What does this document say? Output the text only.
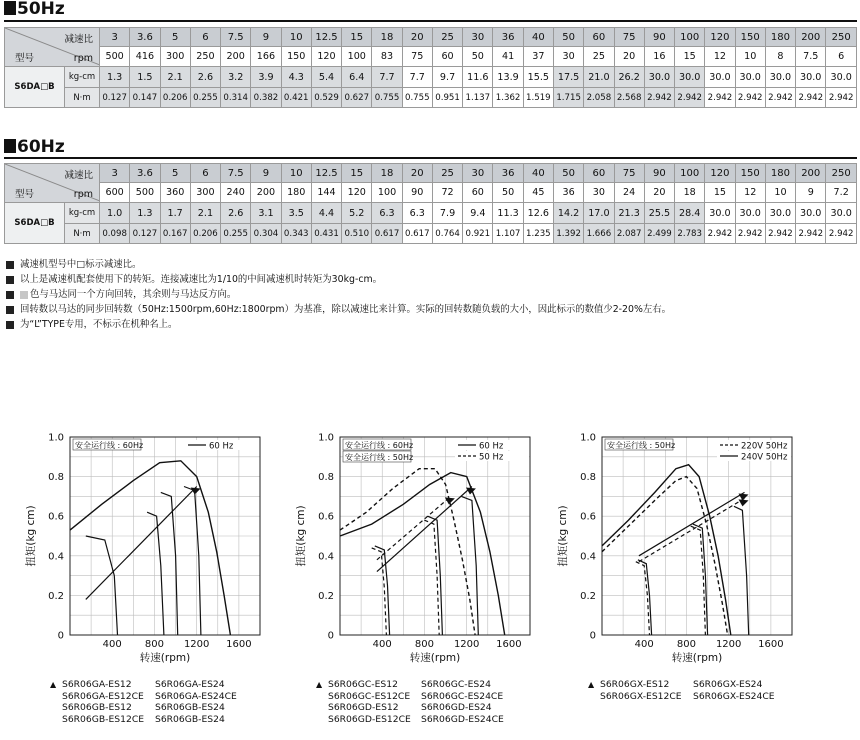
50Hz
减速比
型号 rpm		3	3.6	5	6	7.5	9	10	12.5	15	18	20	25	30	36	40	50	60	75	90	100	120	150	180	200	250
		500	416	300	250	200	166	150	120	100	83	75	60	50	41	37	30	25	20	16	15	12	10	8	7.5	6
S6DA□B	kg-cm	1.3	1.5	2.1	2.6	3.2	3.9	4.3	5.4	6.4	7.7	7.7	9.7	11.6	13.9	15.5	17.5	21.0	26.2	30.0	30.0	30.0	30.0	30.0	30.0	30.0
	N·m	0.127	0.147	0.206	0.255	0.314	0.382	0.421	0.529	0.627	0.755	0.755	0.951	1.137	1.362	1.519	1.715	2.058	2.568	2.942	2.942	2.942	2.942	2.942	2.942	2.942
60Hz
减速比
型号 rpm		3	3.6	5	6	7.5	9	10	12.5	15	18	20	25	30	36	40	50	60	75	90	100	120	150	180	200	250
		600	500	360	300	240	200	180	144	120	100	90	72	60	50	45	36	30	24	20	18	15	12	10	9	7.2
S6DA□B	kg-cm	1.0	1.3	1.7	2.1	2.6	3.1	3.5	4.4	5.2	6.3	6.3	7.9	9.4	11.3	12.6	14.2	17.0	21.3	25.5	28.4	30.0	30.0	30.0	30.0	30.0
	N·m	0.098	0.127	0.167	0.206	0.255	0.304	0.343	0.431	0.510	0.617	0.617	0.764	0.921	1.107	1.235	1.392	1.666	2.087	2.499	2.783	2.942	2.942	2.942	2.942	2.942
减速机型号中□标示减速比。
以上是减速机配套使用下的转矩。连接减速比为1/10的中间减速机时转矩为30kg-cm。
色与马达同一个方向回转，其余则与马达反方向。
回转数以马达的同步回转数（50Hz:1500rpm,60Hz:1800rpm）为基准，除以减速比来计算。实际的回转数随负载的大小，因此标示的数值少2-20%左右。
为“L”TYPE专用，不标示在机种名上。
400 800 1200 1600
0
0.2
0.4
0.6
0.8
1.0
转速(rpm)
扭矩(kg cm)
安全运行线 : 60Hz	60 Hz
400 800 1200 1600
0
0.2
0.4
0.6
0.8
1.0
转速(rpm)
扭矩(kg cm)
安全运行线 : 60Hz
安全运行线 : 50Hz
60 Hz
50 Hz
400 800 1200 1600
0
0.2
0.4
0.6
0.8
1.0
转速(rpm)
扭矩(kg cm)
安全运行线 : 50Hz	220V 50Hz
240V 50Hz
▲ S6R06GA-ES12	S6R06GA-ES24
S6R06GA-ES12CE S6R06GA-ES24CE
S6R06GB-ES12	S6R06GB-ES24
S6R06GB-ES12CE S6R06GB-ES24
▲ S6R06GC-ES12	S6R06GC-ES24
S6R06GC-ES12CE S6R06GC-ES24CE
S6R06GD-ES12 S6R06GD-ES24
S6R06GD-ES12CE S6R06GD-ES24CE
▲ S6R06GX-ES12	S6R06GX-ES24
S6R06GX-ES12CE S6R06GX-ES24CE
